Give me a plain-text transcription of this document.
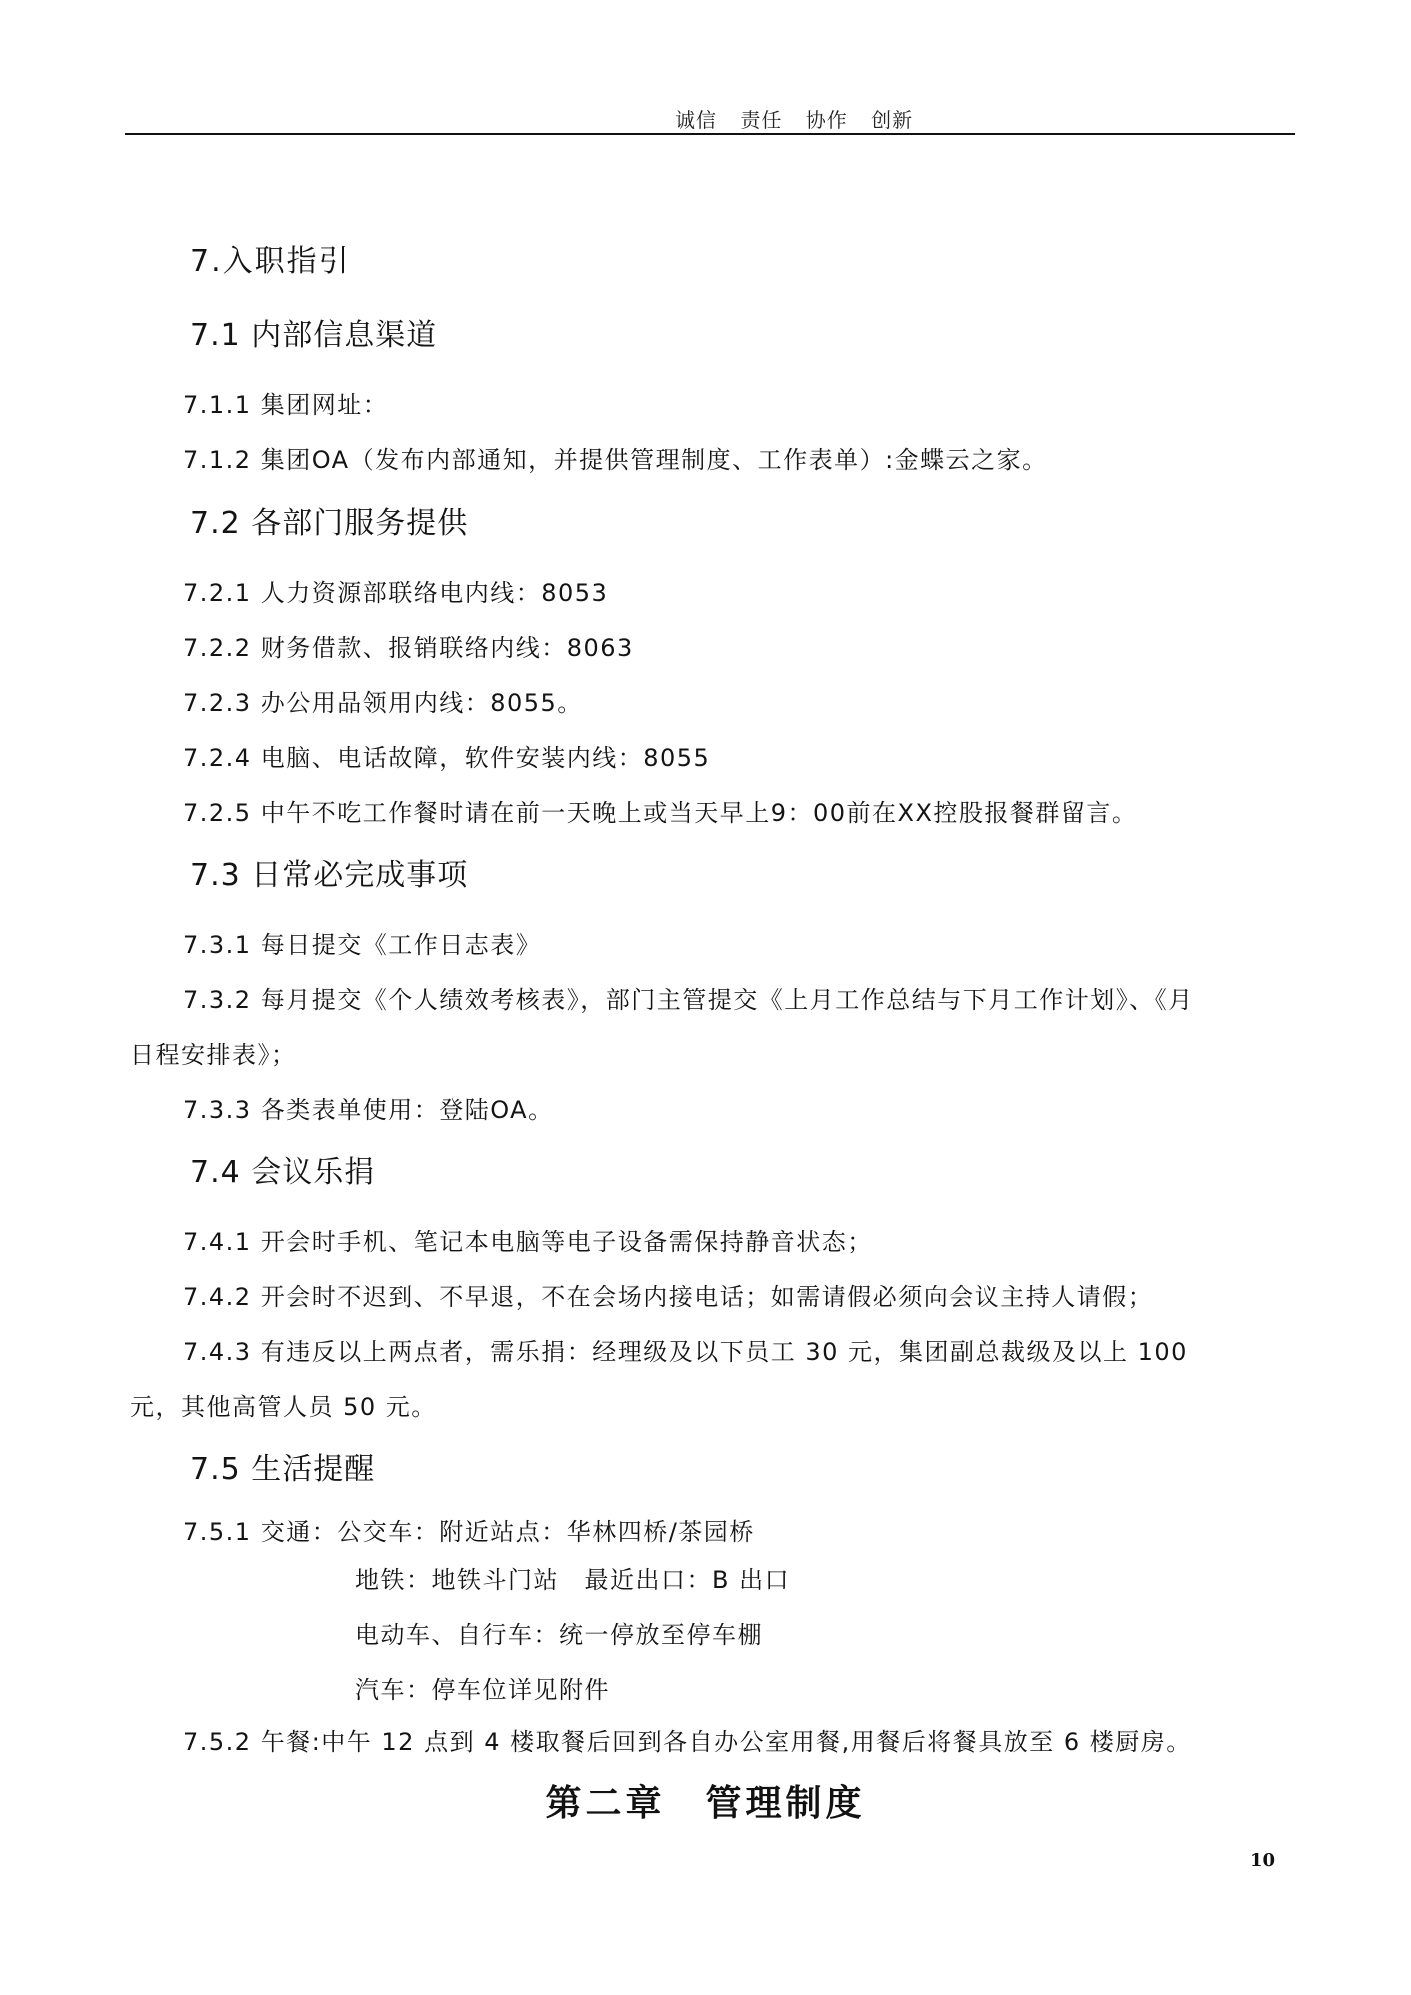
诚信 责任 协作 创新
7.入职指引
7.1 内部信息渠道
7.1.1 集团网址：
7.1.2 集团OA（发布内部通知，并提供管理制度、工作表单）:金蝶云之家。
7.2 各部门服务提供
7.2.1 人力资源部联络电内线：8053
7.2.2 财务借款、报销联络内线：8063
7.2.3 办公用品领用内线：8055。
7.2.4 电脑、电话故障，软件安装内线：8055
7.2.5 中午不吃工作餐时请在前一天晚上或当天早上9：00前在XX控股报餐群留言。
7.3 日常必完成事项
7.3.1 每日提交《工作日志表》
7.3.2 每月提交《个人绩效考核表》，部门主管提交《上月工作总结与下月工作计划》、《月
日程安排表》；
7.3.3 各类表单使用：登陆OA。
7.4 会议乐捐
7.4.1 开会时手机、笔记本电脑等电子设备需保持静音状态；
7.4.2 开会时不迟到、不早退，不在会场内接电话；如需请假必须向会议主持人请假；
7.4.3 有违反以上两点者，需乐捐：经理级及以下员工 30 元，集团副总裁级及以上 100
元，其他高管人员 50 元。
7.5 生活提醒
7.5.1 交通：公交车：附近站点：华林四桥/茶园桥
地铁：地铁斗门站　最近出口：B 出口
电动车、自行车：统一停放至停车棚
汽车：停车位详见附件
7.5.2 午餐:中午 12 点到 4 楼取餐后回到各自办公室用餐,用餐后将餐具放至 6 楼厨房。
第二章　管理制度
10
